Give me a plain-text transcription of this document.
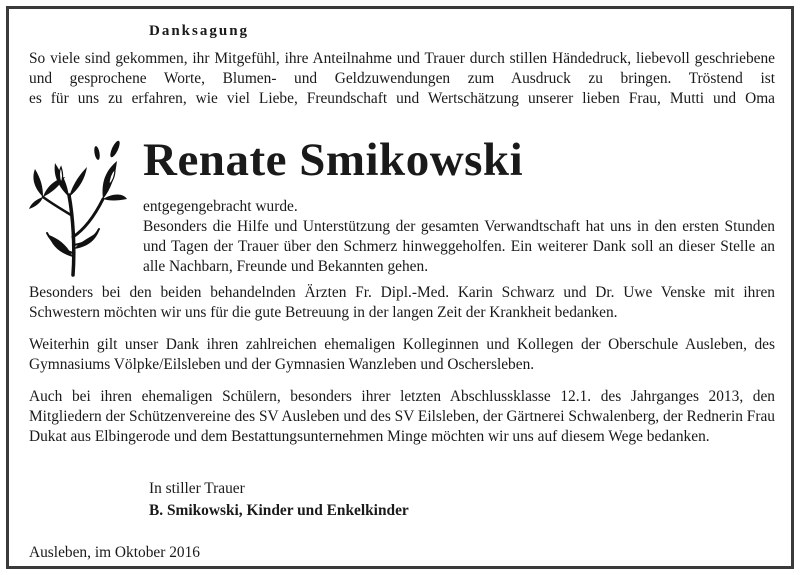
Danksagung
So viele sind gekommen, ihr Mitgefühl, ihre Anteilnahme und Trauer durch stillen Händedruck, liebevoll geschriebene und gesprochene Worte, Blumen- und Geldzuwendungen zum Ausdruck zu bringen. Tröstend ist
es für uns zu erfahren, wie viel Liebe, Freundschaft und Wertschätzung unserer lieben Frau, Mutti und Oma
Renate Smikowski
entgegengebracht wurde.
Besonders die Hilfe und Unterstützung der gesamten Verwandtschaft hat uns in den ersten Stunden und Tagen der Trauer über den Schmerz hinweggeholfen. Ein weiterer Dank soll an dieser Stelle an alle Nachbarn, Freunde und Bekannten gehen.
Besonders bei den beiden behandelnden Ärzten Fr. Dipl.-Med. Karin Schwarz und Dr. Uwe Venske mit ihren Schwestern möchten wir uns für die gute Betreuung in der langen Zeit der Krankheit bedanken.
Weiterhin gilt unser Dank ihren zahlreichen ehemaligen Kolleginnen und Kollegen der Oberschule Ausleben, des Gymnasiums Völpke/Eilsleben und der Gymnasien Wanzleben und Oschersleben.
Auch bei ihren ehemaligen Schülern, besonders ihrer letzten Abschlussklasse 12.1. des Jahrganges 2013, den Mitgliedern der Schützenvereine des SV Ausleben und des SV Eilsleben, der Gärtnerei Schwalenberg, der Rednerin Frau Dukat aus Elbingerode und dem Bestattungsunternehmen Minge möchten wir uns auf diesem Wege bedanken.
In stiller Trauer
B. Smikowski, Kinder und Enkelkinder
Ausleben, im Oktober 2016
